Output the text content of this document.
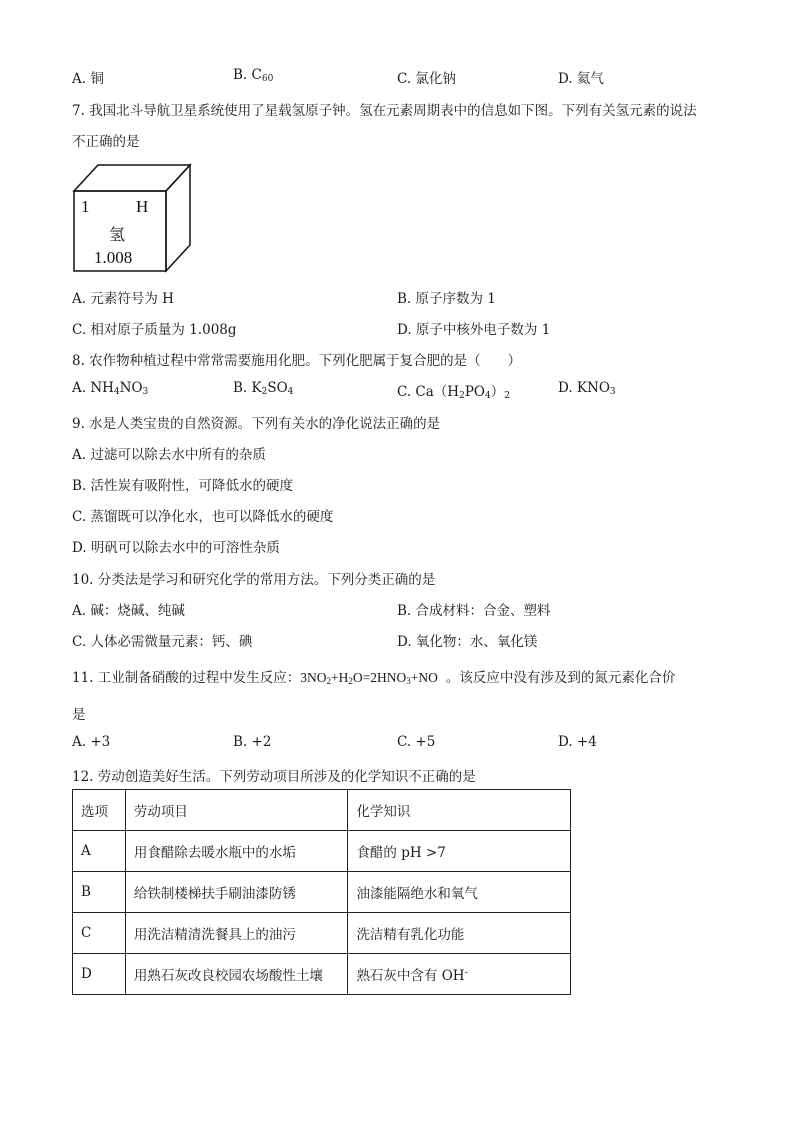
A. 铜	B. $C_{60}$	C. 氯化钠	D. 氦气
7. 我国北斗导航卫星系统使用了星载氢原子钟。氢在元素周期表中的信息如下图。下列有关氢元素的说法
不正确的是
1	H
氢
1.008
A. 元素符号为 H	B. 原子序数为 1
C. 相对原子质量为 1.008g	D. 原子中核外电子数为 1
8. 农作物种植过程中常常需要施用化肥。下列化肥属于复合肥的是（　　）
A. $NH_4NO_3$	B. $K_2SO_4$	C. $Ca(H_2PO_4)_2$	D. $KNO_3$
9. 水是人类宝贵的自然资源。下列有关水的净化说法正确的是
A. 过滤可以除去水中所有的杂质
B. 活性炭有吸附性，可降低水的硬度
C. 蒸馏既可以净化水，也可以降低水的硬度
D. 明矾可以除去水中的可溶性杂质
10. 分类法是学习和研究化学的常用方法。下列分类正确的是
A. 碱：烧碱、纯碱	B. 合成材料：合金、塑料
C. 人体必需微量元素：钙、碘	D. 氧化物：水、氧化镁
11. 工业制备硝酸的过程中发生反应：$3NO_2+H_2O=2HNO_3+NO$ 。该反应中没有涉及到的氮元素化合价
是
A. +3	B. +2	C. +5	D. +4
12. 劳动创造美好生活。下列劳动项目所涉及的化学知识不正确的是
选项	劳动项目	化学知识
A	用食醋除去暖水瓶中的水垢	食醋的 pH >7
B	给铁制楼梯扶手刷油漆防锈	油漆能隔绝水和氧气
C	用洗洁精清洗餐具上的油污	洗洁精有乳化功能
D	用熟石灰改良校园农场酸性土壤	熟石灰中含有 OH-
